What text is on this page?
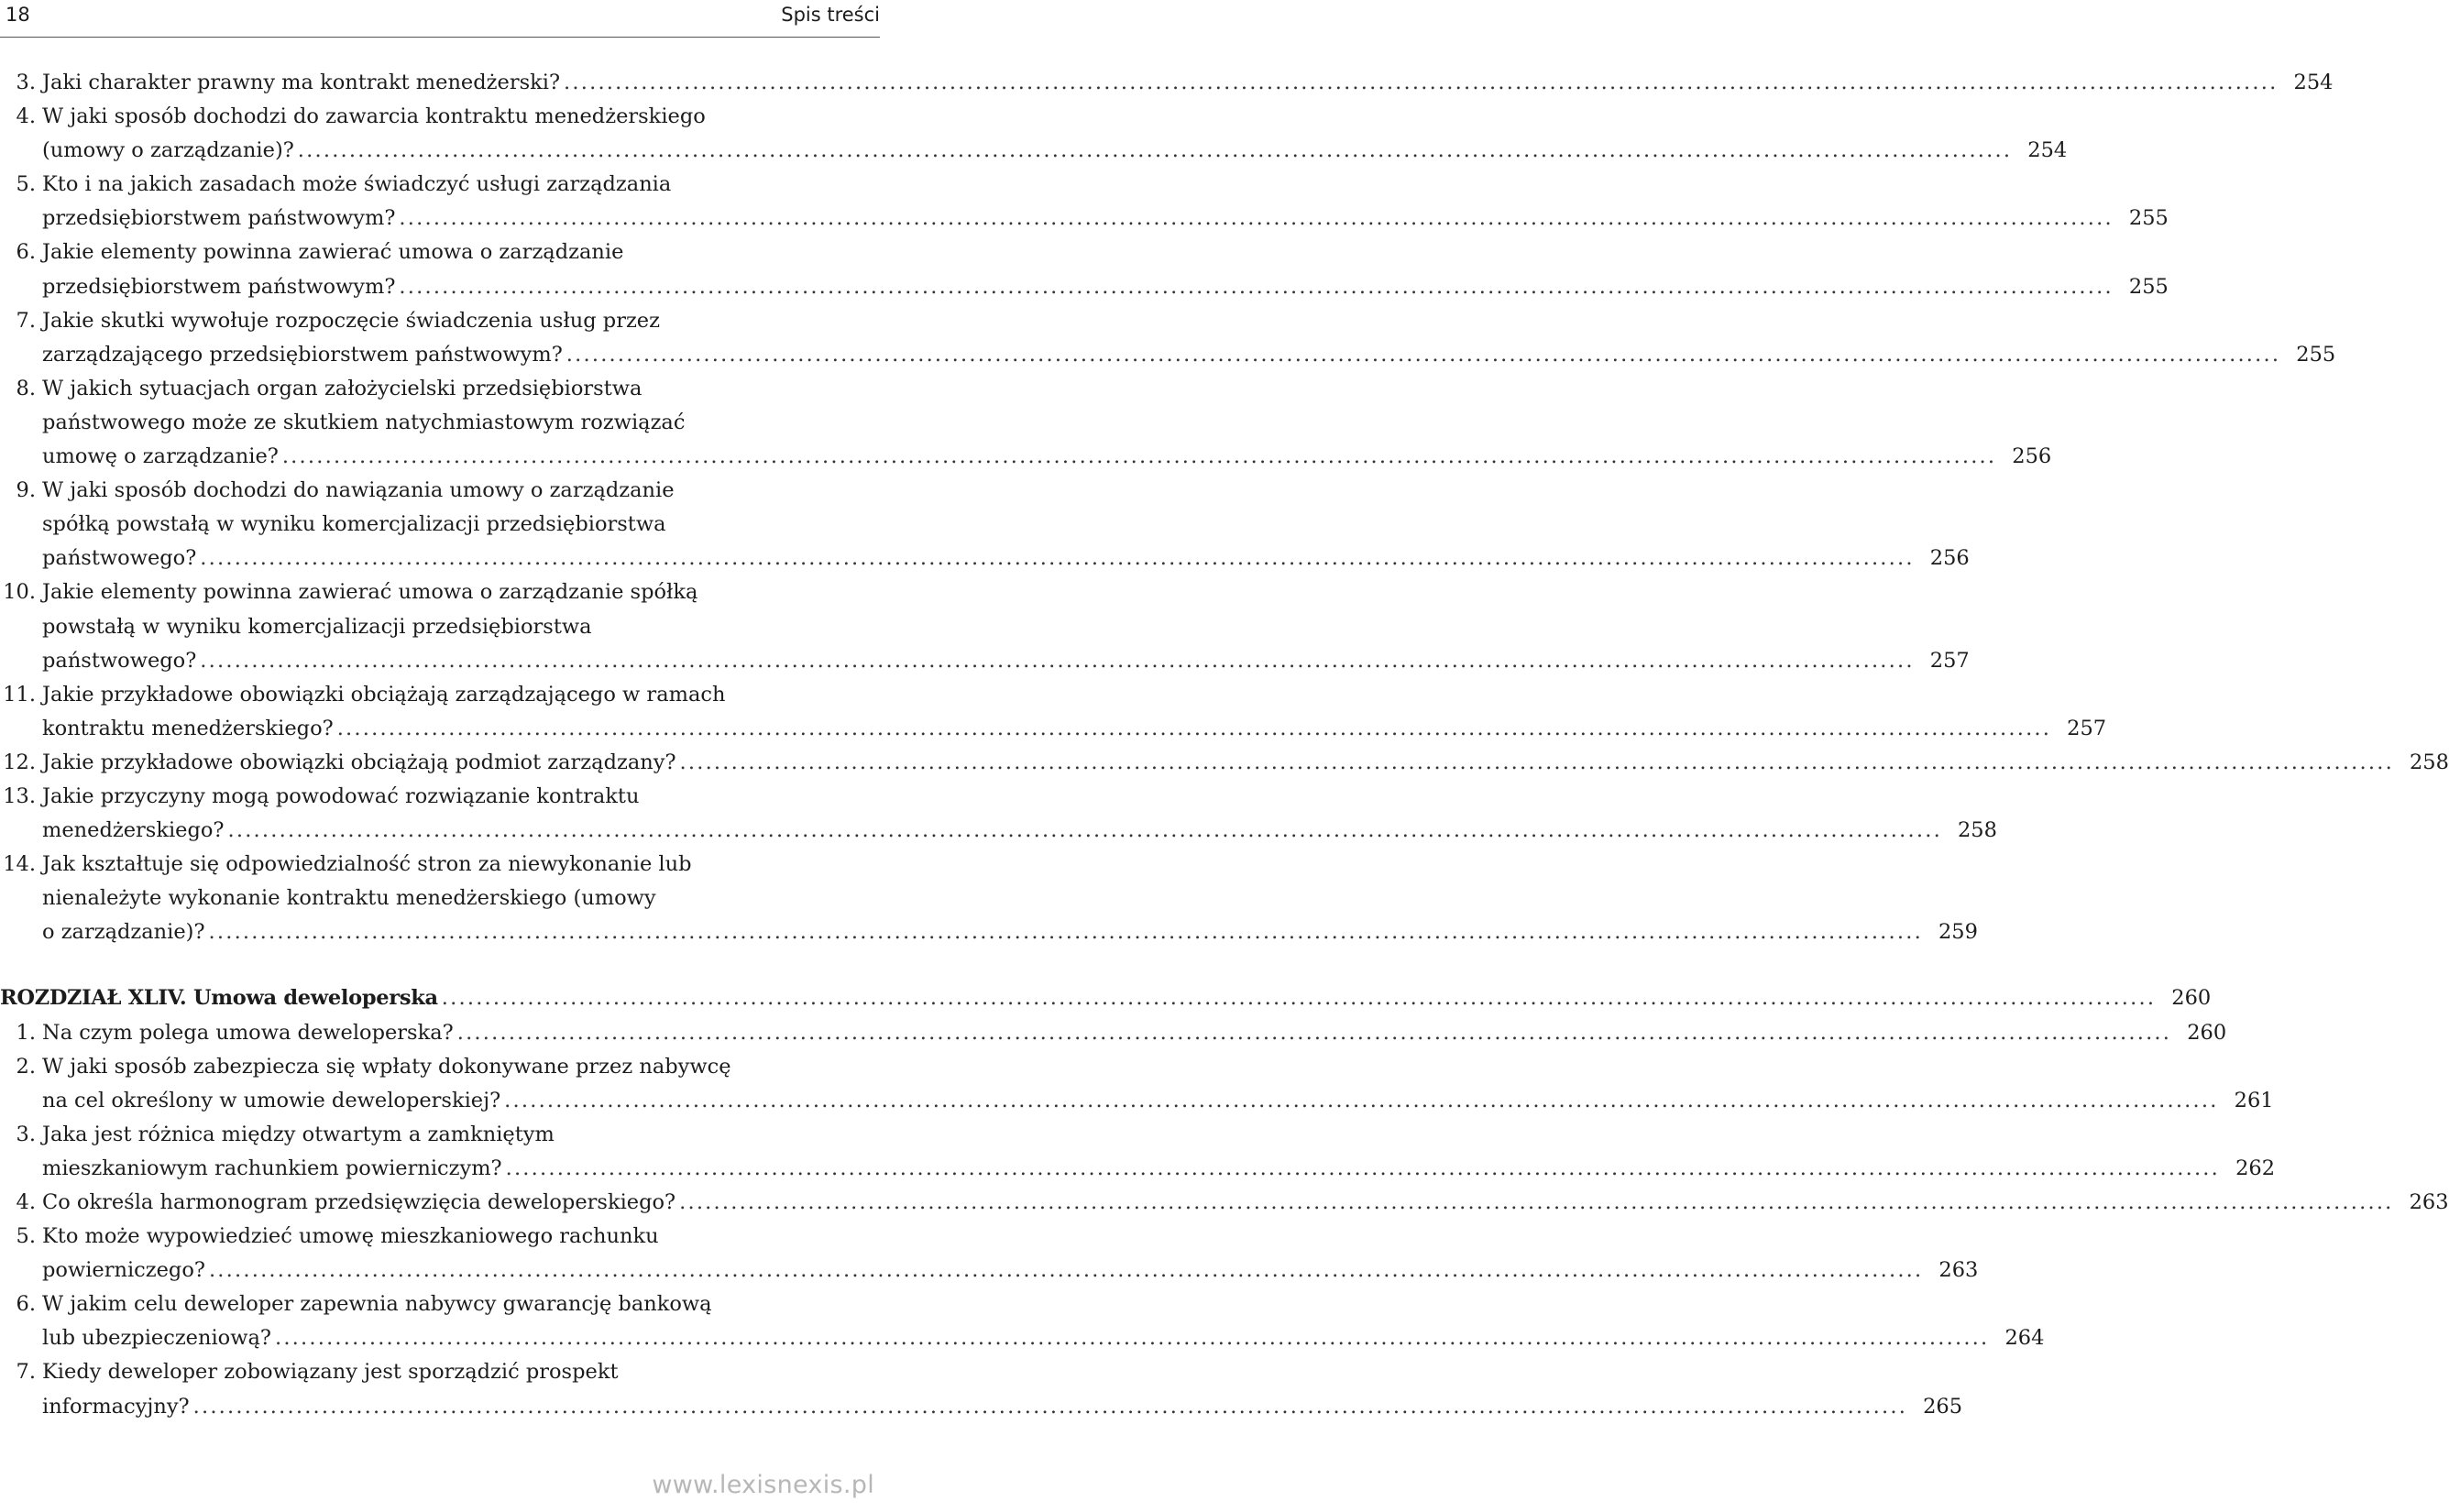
18	Spis treści
3. Jaki charakter prawny ma kontrakt menedżerski? ........................................................................................................................................................................................................ 254
4. W jaki sposób dochodzi do zawarcia kontraktu menedżerskiego
(umowy o zarządzanie)? ........................................................................................................................................................................................................ 254
5. Kto i na jakich zasadach może świadczyć usługi zarządzania
przedsiębiorstwem państwowym? ........................................................................................................................................................................................................ 255
6. Jakie elementy powinna zawierać umowa o zarządzanie
przedsiębiorstwem państwowym? ........................................................................................................................................................................................................ 255
7. Jakie skutki wywołuje rozpoczęcie świadczenia usług przez
zarządzającego przedsiębiorstwem państwowym? ........................................................................................................................................................................................................ 255
8. W jakich sytuacjach organ założycielski przedsiębiorstwa
państwowego może ze skutkiem natychmiastowym rozwiązać
umowę o zarządzanie? ........................................................................................................................................................................................................ 256
9. W jaki sposób dochodzi do nawiązania umowy o zarządzanie
spółką powstałą w wyniku komercjalizacji przedsiębiorstwa
państwowego? ........................................................................................................................................................................................................ 256
10. Jakie elementy powinna zawierać umowa o zarządzanie spółką
powstałą w wyniku komercjalizacji przedsiębiorstwa
państwowego? ........................................................................................................................................................................................................ 257
11. Jakie przykładowe obowiązki obciążają zarządzającego w ramach
kontraktu menedżerskiego? ........................................................................................................................................................................................................ 257
12. Jakie przykładowe obowiązki obciążają podmiot zarządzany? ........................................................................................................................................................................................................ 258
13. Jakie przyczyny mogą powodować rozwiązanie kontraktu
menedżerskiego? ........................................................................................................................................................................................................ 258
14. Jak kształtuje się odpowiedzialność stron za niewykonanie lub
nienależyte wykonanie kontraktu menedżerskiego (umowy
o zarządzanie)? ........................................................................................................................................................................................................ 259
ROZDZIAŁ XLIV. Umowa deweloperska ........................................................................................................................................................................................................ 260
1. Na czym polega umowa deweloperska? ........................................................................................................................................................................................................ 260
2. W jaki sposób zabezpiecza się wpłaty dokonywane przez nabywcę
na cel określony w umowie deweloperskiej? ........................................................................................................................................................................................................ 261
3. Jaka jest różnica między otwartym a zamkniętym
mieszkaniowym rachunkiem powierniczym? ........................................................................................................................................................................................................ 262
4. Co określa harmonogram przedsięwzięcia deweloperskiego? ........................................................................................................................................................................................................ 263
5. Kto może wypowiedzieć umowę mieszkaniowego rachunku
powierniczego? ........................................................................................................................................................................................................ 263
6. W jakim celu deweloper zapewnia nabywcy gwarancję bankową
lub ubezpieczeniową? ........................................................................................................................................................................................................ 264
7. Kiedy deweloper zobowiązany jest sporządzić prospekt
informacyjny? ........................................................................................................................................................................................................ 265
www.lexisnexis.pl
